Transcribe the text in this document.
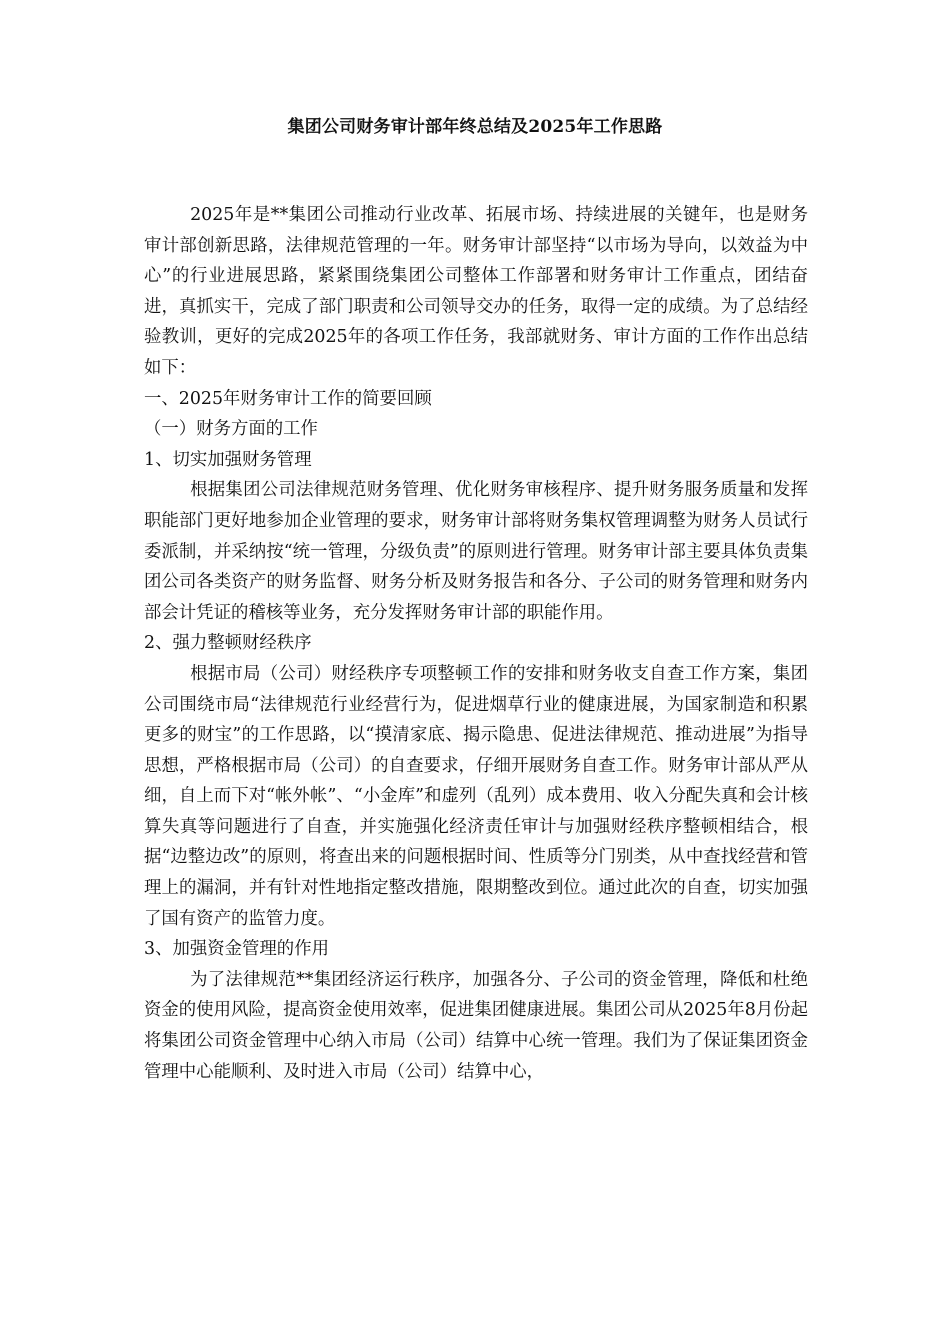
集团公司财务审计部年终总结及2025年工作思路

2025年是**集团公司推动行业改革、拓展市场、持续进展的关键年，也是财务审计部创新思路，法律规范管理的一年。财务审计部坚持“以市场为导向，以效益为中心”的行业进展思路，紧紧围绕集团公司整体工作部署和财务审计工作重点，团结奋进，真抓实干，完成了部门职责和公司领导交办的任务，取得一定的成绩。为了总结经验教训，更好的完成2025年的各项工作任务，我部就财务、审计方面的工作作出总结如下：

一、2025年财务审计工作的简要回顾

（一）财务方面的工作

1、切实加强财务管理

根据集团公司法律规范财务管理、优化财务审核程序、提升财务服务质量和发挥职能部门更好地参加企业管理的要求，财务审计部将财务集权管理调整为财务人员试行委派制，并采纳按“统一管理，分级负责”的原则进行管理。财务审计部主要具体负责集团公司各类资产的财务监督、财务分析及财务报告和各分、子公司的财务管理和财务内部会计凭证的稽核等业务，充分发挥财务审计部的职能作用。

2、强力整顿财经秩序

根据市局（公司）财经秩序专项整顿工作的安排和财务收支自查工作方案，集团公司围绕市局“法律规范行业经营行为，促进烟草行业的健康进展，为国家制造和积累更多的财宝”的工作思路，以“摸清家底、揭示隐患、促进法律规范、推动进展”为指导思想，严格根据市局（公司）的自查要求，仔细开展财务自查工作。财务审计部从严从细，自上而下对“帐外帐”、“小金库”和虚列（乱列）成本费用、收入分配失真和会计核算失真等问题进行了自查，并实施强化经济责任审计与加强财经秩序整顿相结合，根据“边整边改”的原则，将查出来的问题根据时间、性质等分门别类，从中查找经营和管理上的漏洞，并有针对性地指定整改措施，限期整改到位。通过此次的自查，切实加强了国有资产的监管力度。

3、加强资金管理的作用

为了法律规范**集团经济运行秩序，加强各分、子公司的资金管理，降低和杜绝资金的使用风险，提高资金使用效率，促进集团健康进展。集团公司从2025年8月份起将集团公司资金管理中心纳入市局（公司）结算中心统一管理。我们为了保证集团资金管理中心能顺利、及时进入市局（公司）结算中心，
